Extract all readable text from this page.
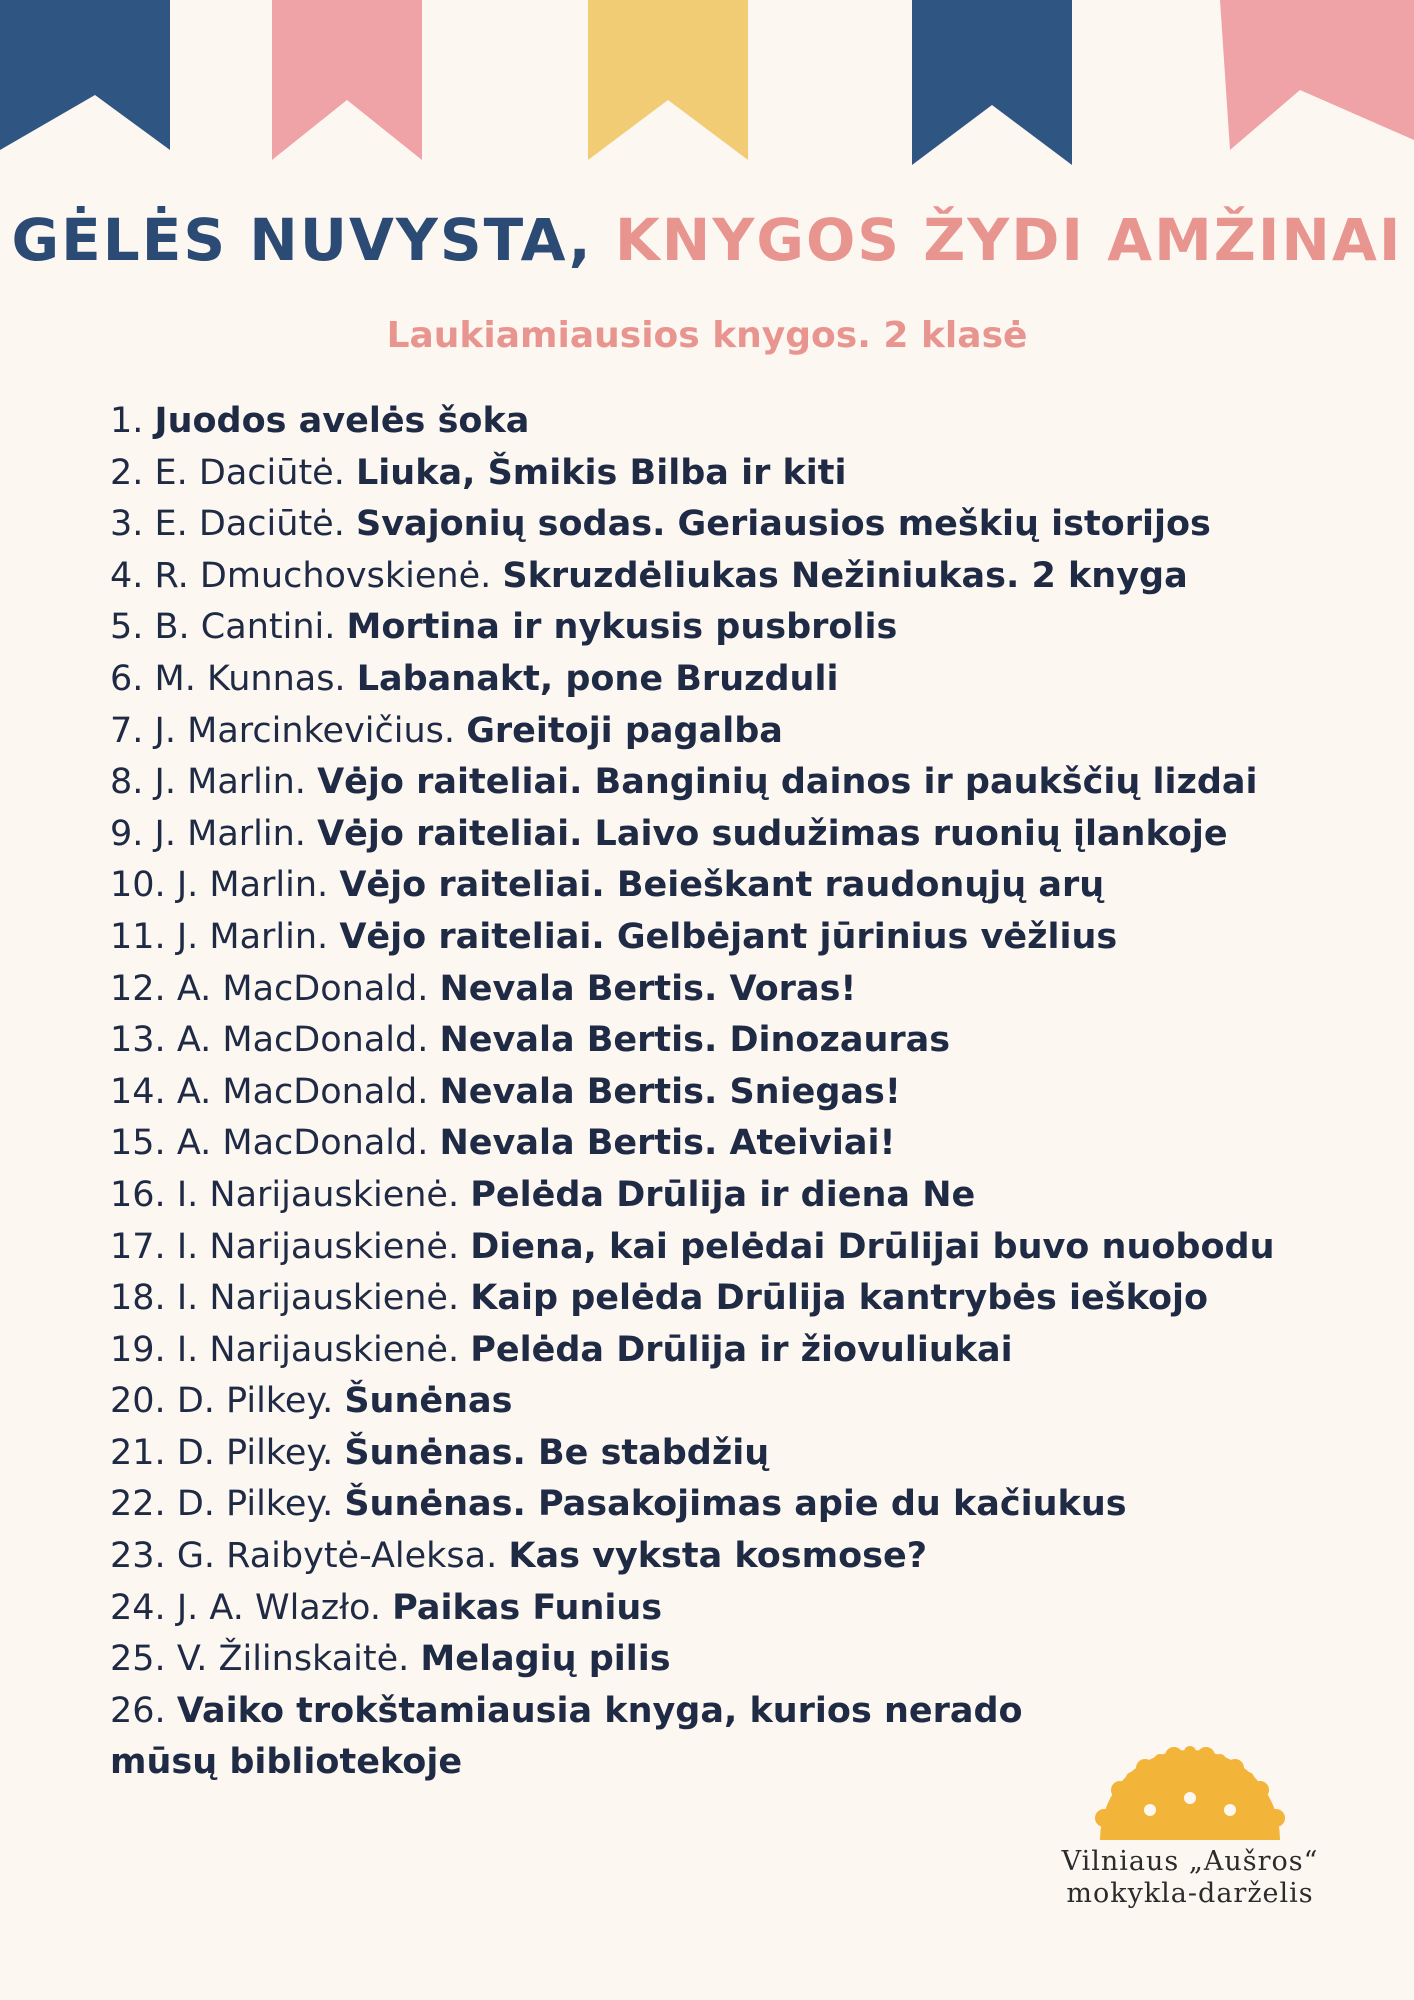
GĖLĖS NUVYSTA, KNYGOS ŽYDI AMŽINAI
Laukiamiausios knygos. 2 klasė
1. Juodos avelės šoka
2. E. Daciūtė. Liuka, Šmikis Bilba ir kiti
3. E. Daciūtė. Svajonių sodas. Geriausios meškių istorijos
4. R. Dmuchovskienė. Skruzdėliukas Nežiniukas. 2 knyga
5. B. Cantini. Mortina ir nykusis pusbrolis
6. M. Kunnas. Labanakt, pone Bruzduli
7. J. Marcinkevičius. Greitoji pagalba
8. J. Marlin. Vėjo raiteliai. Banginių dainos ir paukščių lizdai
9. J. Marlin. Vėjo raiteliai. Laivo sudužimas ruonių įlankoje
10. J. Marlin. Vėjo raiteliai. Beieškant raudonųjų arų
11. J. Marlin. Vėjo raiteliai. Gelbėjant jūrinius vėžlius
12. A. MacDonald. Nevala Bertis. Voras!
13. A. MacDonald. Nevala Bertis. Dinozauras
14. A. MacDonald. Nevala Bertis. Sniegas!
15. A. MacDonald. Nevala Bertis. Ateiviai!
16. I. Narijauskienė. Pelėda Drūlija ir diena Ne
17. I. Narijauskienė. Diena, kai pelėdai Drūlijai buvo nuobodu
18. I. Narijauskienė. Kaip pelėda Drūlija kantrybės ieškojo
19. I. Narijauskienė. Pelėda Drūlija ir žiovuliukai
20. D. Pilkey. Šunėnas
21. D. Pilkey. Šunėnas. Be stabdžių
22. D. Pilkey. Šunėnas. Pasakojimas apie du kačiukus
23. G. Raibytė-Aleksa. Kas vyksta kosmose?
24. J. A. Wlazło. Paikas Funius
25. V. Žilinskaitė. Melagių pilis
26. Vaiko trokštamiausia knyga, kurios nerado mūsų bibliotekoje
Vilniaus „Aušros“
mokykla-darželis
